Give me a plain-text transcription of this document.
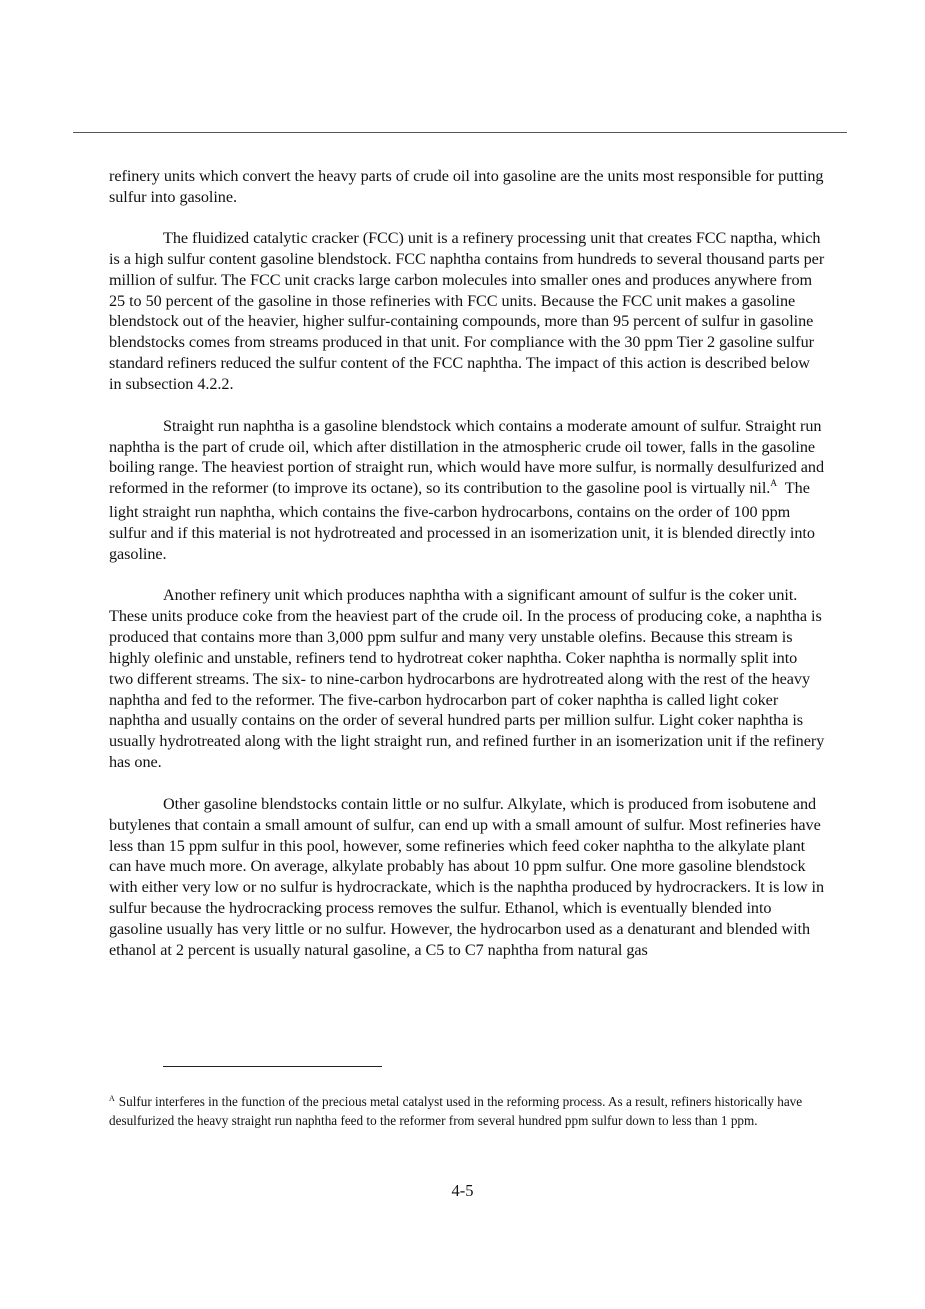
refinery units which convert the heavy parts of crude oil into gasoline are the units most responsible for putting sulfur into gasoline.

The fluidized catalytic cracker (FCC) unit is a refinery processing unit that creates FCC naptha, which is a high sulfur content gasoline blendstock. FCC naphtha contains from hundreds to several thousand parts per million of sulfur. The FCC unit cracks large carbon molecules into smaller ones and produces anywhere from 25 to 50 percent of the gasoline in those refineries with FCC units. Because the FCC unit makes a gasoline blendstock out of the heavier, higher sulfur-containing compounds, more than 95 percent of sulfur in gasoline blendstocks comes from streams produced in that unit. For compliance with the 30 ppm Tier 2 gasoline sulfur standard refiners reduced the sulfur content of the FCC naphtha. The impact of this action is described below in subsection 4.2.2.

Straight run naphtha is a gasoline blendstock which contains a moderate amount of sulfur. Straight run naphtha is the part of crude oil, which after distillation in the atmospheric crude oil tower, falls in the gasoline boiling range. The heaviest portion of straight run, which would have more sulfur, is normally desulfurized and reformed in the reformer (to improve its octane), so its contribution to the gasoline pool is virtually nil.$^A$  The light straight run naphtha, which contains the five-carbon hydrocarbons, contains on the order of 100 ppm sulfur and if this material is not hydrotreated and processed in an isomerization unit, it is blended directly into gasoline.

Another refinery unit which produces naphtha with a significant amount of sulfur is the coker unit. These units produce coke from the heaviest part of the crude oil. In the process of producing coke, a naphtha is produced that contains more than 3,000 ppm sulfur and many very unstable olefins. Because this stream is highly olefinic and unstable, refiners tend to hydrotreat coker naphtha. Coker naphtha is normally split into two different streams. The six- to nine-carbon hydrocarbons are hydrotreated along with the rest of the heavy naphtha and fed to the reformer. The five-carbon hydrocarbon part of coker naphtha is called light coker naphtha and usually contains on the order of several hundred parts per million sulfur. Light coker naphtha is usually hydrotreated along with the light straight run, and refined further in an isomerization unit if the refinery has one.

Other gasoline blendstocks contain little or no sulfur. Alkylate, which is produced from isobutene and butylenes that contain a small amount of sulfur, can end up with a small amount of sulfur. Most refineries have less than 15 ppm sulfur in this pool, however, some refineries which feed coker naphtha to the alkylate plant can have much more. On average, alkylate probably has about 10 ppm sulfur. One more gasoline blendstock with either very low or no sulfur is hydrocrackate, which is the naphtha produced by hydrocrackers. It is low in sulfur because the hydrocracking process removes the sulfur. Ethanol, which is eventually blended into gasoline usually has very little or no sulfur. However, the hydrocarbon used as a denaturant and blended with ethanol at 2 percent is usually natural gasoline, a C5 to C7 naphtha from natural gas

$^A$ Sulfur interferes in the function of the precious metal catalyst used in the reforming process. As a result, refiners historically have desulfurized the heavy straight run naphtha feed to the reformer from several hundred ppm sulfur down to less than 1 ppm.
4-5
